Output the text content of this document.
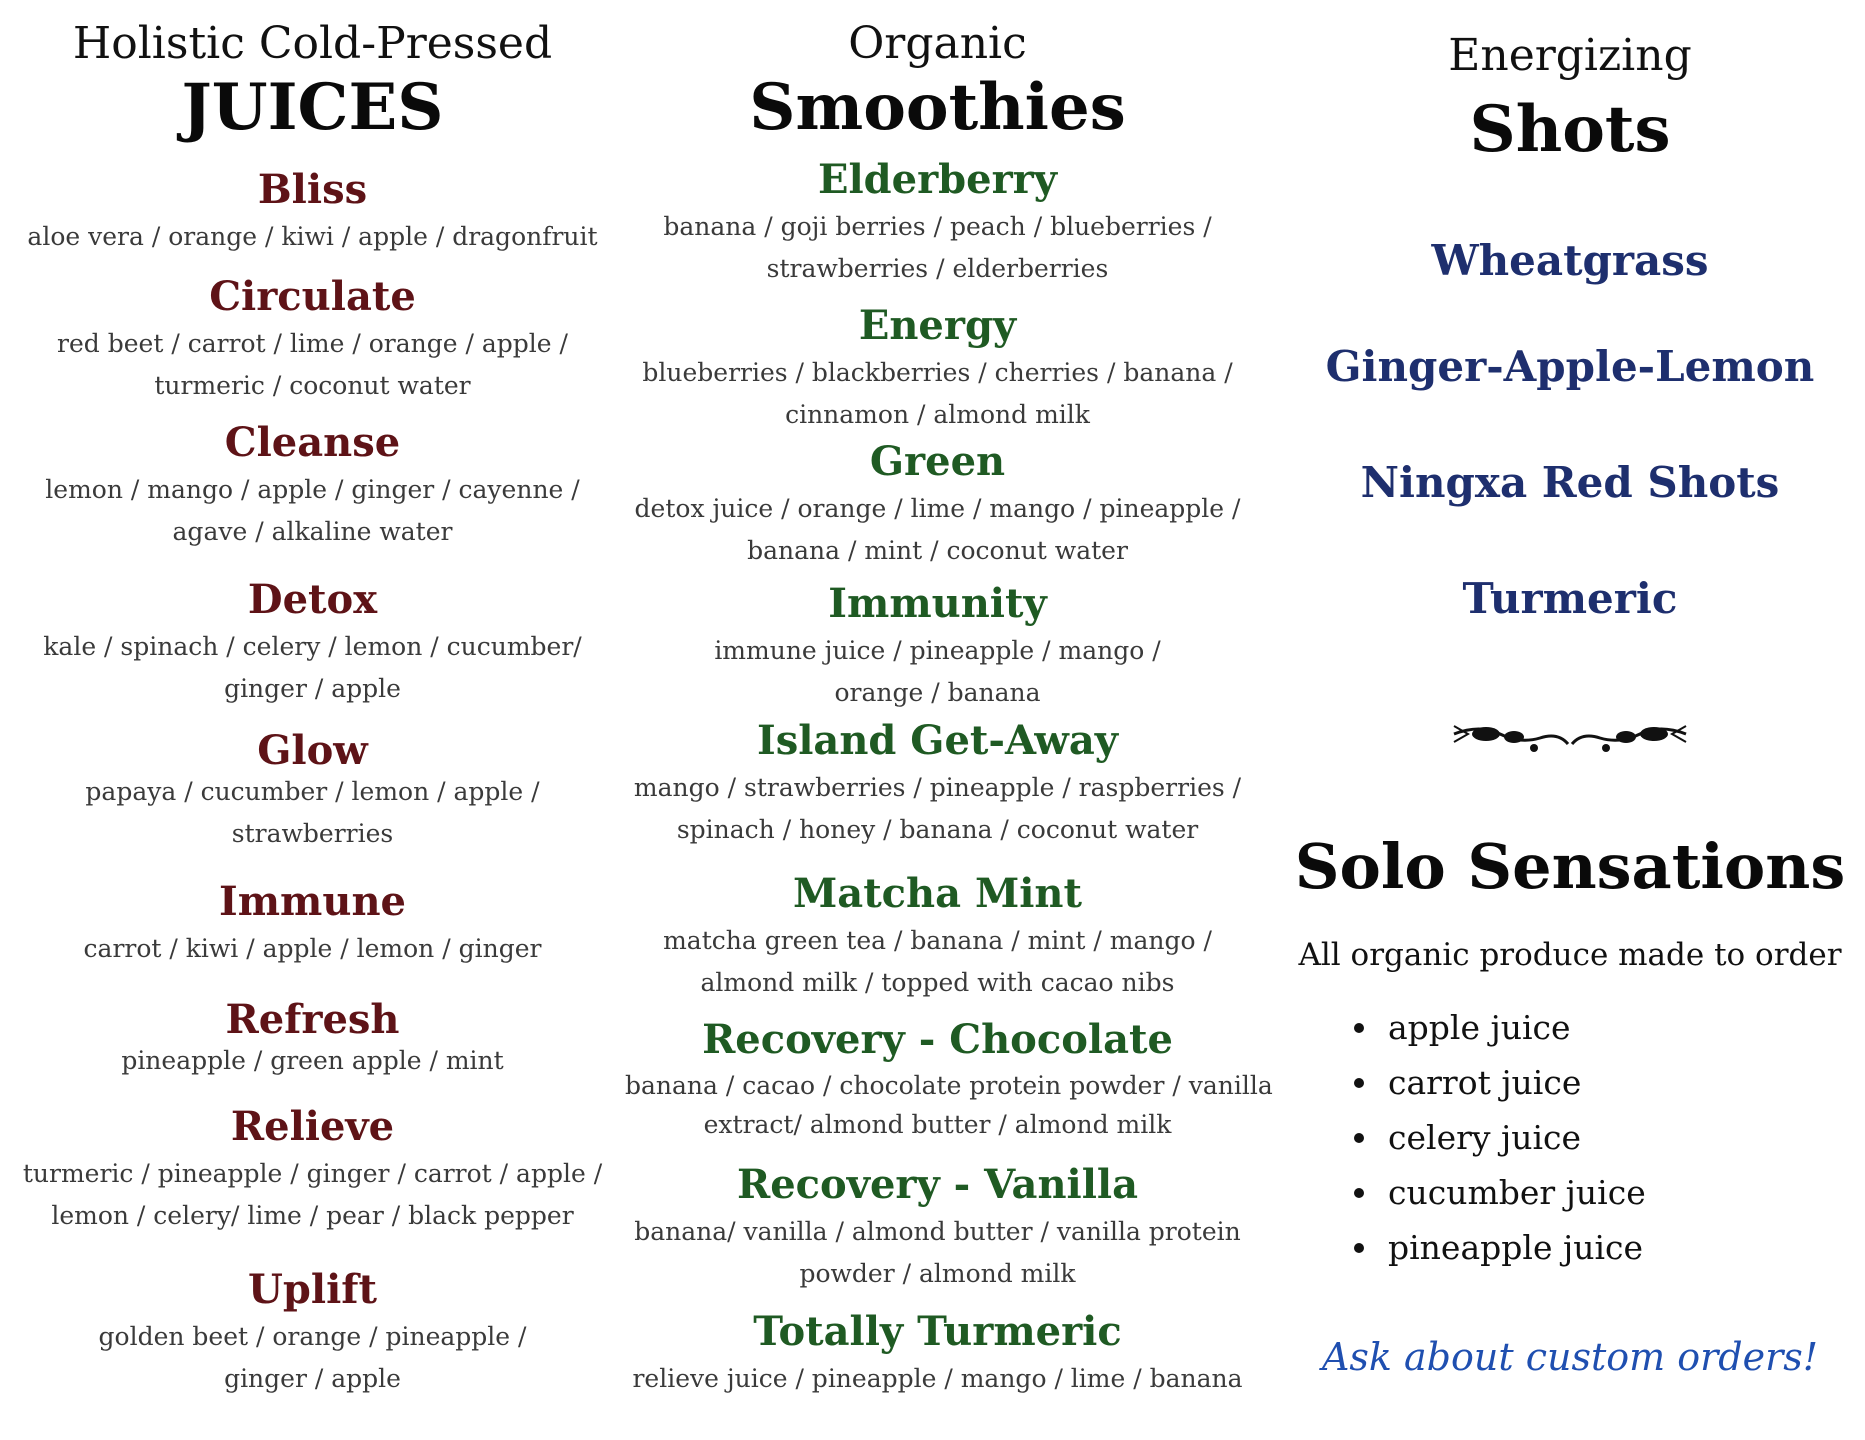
Holistic Cold-Pressed
JUICES
Bliss
aloe vera / orange / kiwi / apple / dragonfruit
Circulate
red beet / carrot / lime / orange / apple /
turmeric / coconut water
Cleanse
lemon / mango / apple / ginger / cayenne /
agave / alkaline water
Detox
kale / spinach / celery / lemon / cucumber/
ginger / apple
Glow
papaya / cucumber / lemon / apple /
strawberries
Immune
carrot / kiwi / apple / lemon / ginger
Refresh
pineapple / green apple / mint
Relieve
turmeric / pineapple / ginger / carrot / apple /
lemon / celery/ lime / pear / black pepper
Uplift
golden beet / orange / pineapple /
ginger / apple
Organic
Smoothies
Elderberry
banana / goji berries / peach / blueberries /
strawberries / elderberries
Energy
blueberries / blackberries / cherries / banana /
cinnamon / almond milk
Green
detox juice / orange / lime / mango / pineapple /
banana / mint / coconut water
Immunity
immune juice / pineapple / mango /
orange / banana
Island Get-Away
mango / strawberries / pineapple / raspberries /
spinach / honey / banana / coconut water
Matcha Mint
matcha green tea / banana / mint / mango /
almond milk / topped with cacao nibs
Recovery - Chocolate
banana / cacao / chocolate protein powder / vanilla
extract/ almond butter / almond milk
Recovery - Vanilla
banana/ vanilla / almond butter / vanilla protein
powder / almond milk
Totally Turmeric
relieve juice / pineapple / mango / lime / banana
Energizing
Shots
Wheatgrass
Ginger-Apple-Lemon
Ningxa Red Shots
Turmeric
Solo Sensations
All organic produce made to order
apple juice
carrot juice
celery juice
cucumber juice
pineapple juice
Ask about custom orders!
